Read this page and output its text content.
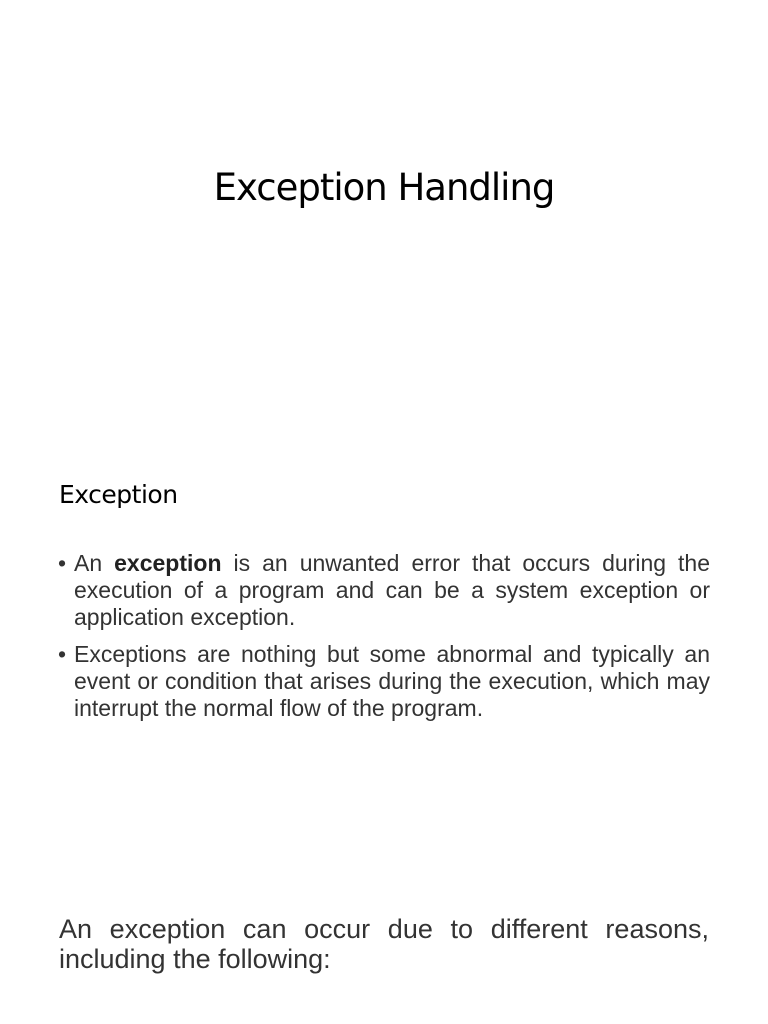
Exception Handling
Exception
• An exception is an unwanted error that occurs during the execution of a program and can be a system exception or application exception.
• Exceptions are nothing but some abnormal and typically an event or condition that arises during the execution, which may interrupt the normal flow of the program.

An exception can occur due to different reasons, including the following:
